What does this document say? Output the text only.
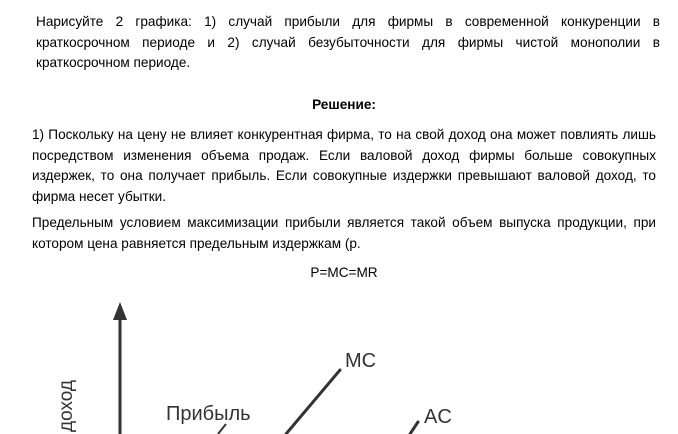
Нарисуйте 2 графика: 1) случай прибыли для фирмы в современной конкуренции в краткосрочном периоде и 2) случай безубыточности для фирмы чистой монополии в краткосрочном периоде.

Решение:

1) Поскольку на цену не влияет конкурентная фирма, то на свой доход она может повлиять лишь посредством изменения объема продаж. Если валовой доход фирмы больше совокупных издержек, то она получает прибыль. Если совокупные издержки превышают валовой доход, то фирма несет убытки.

Предельным условием максимизации прибыли является такой объем выпуска продукции, при котором цена равняется предельным издержкам (р.

P=MC=MR

доход
MC
Прибыль	AC
